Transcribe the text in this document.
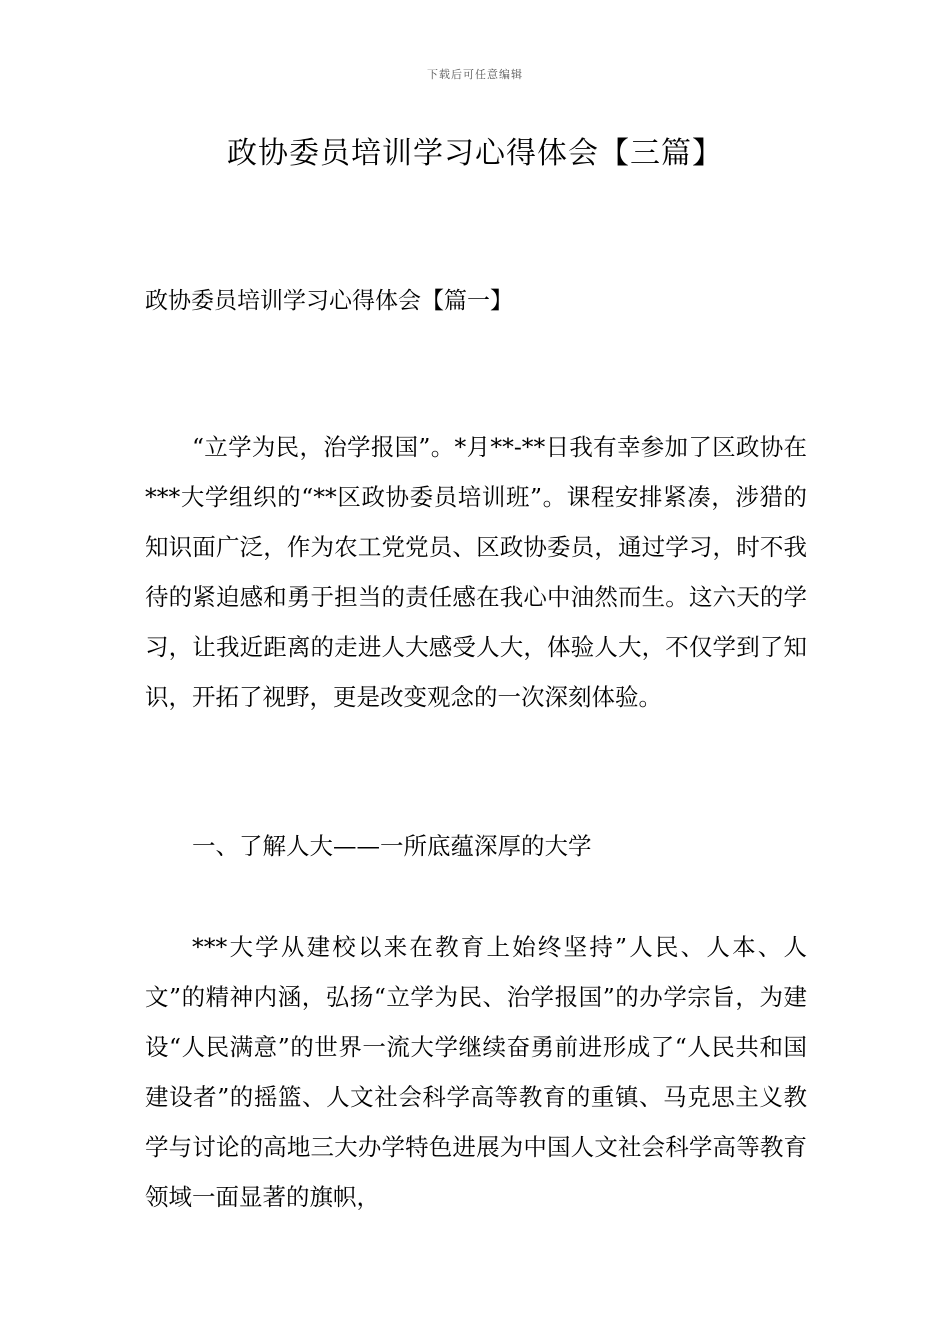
下载后可任意编辑
政协委员培训学习心得体会【三篇】
政协委员培训学习心得体会【篇一】

“立学为民，治学报国”。*月**-**日我有幸参加了区政协在***大学组织的“**区政协委员培训班”。课程安排紧凑，涉猎的知识面广泛，作为农工党党员、区政协委员，通过学习，时不我待的紧迫感和勇于担当的责任感在我心中油然而生。这六天的学习，让我近距离的走进人大感受人大，体验人大，不仅学到了知识，开拓了视野，更是改变观念的一次深刻体验。

一、了解人大——一所底蕴深厚的大学

***大学从建校以来在教育上始终坚持”人民、人本、人文”的精神内涵，弘扬“立学为民、治学报国”的办学宗旨，为建设“人民满意”的世界一流大学继续奋勇前进形成了“人民共和国建设者”的摇篮、人文社会科学高等教育的重镇、马克思主义教学与讨论的高地三大办学特色进展为中国人文社会科学高等教育领域一面显著的旗帜，
